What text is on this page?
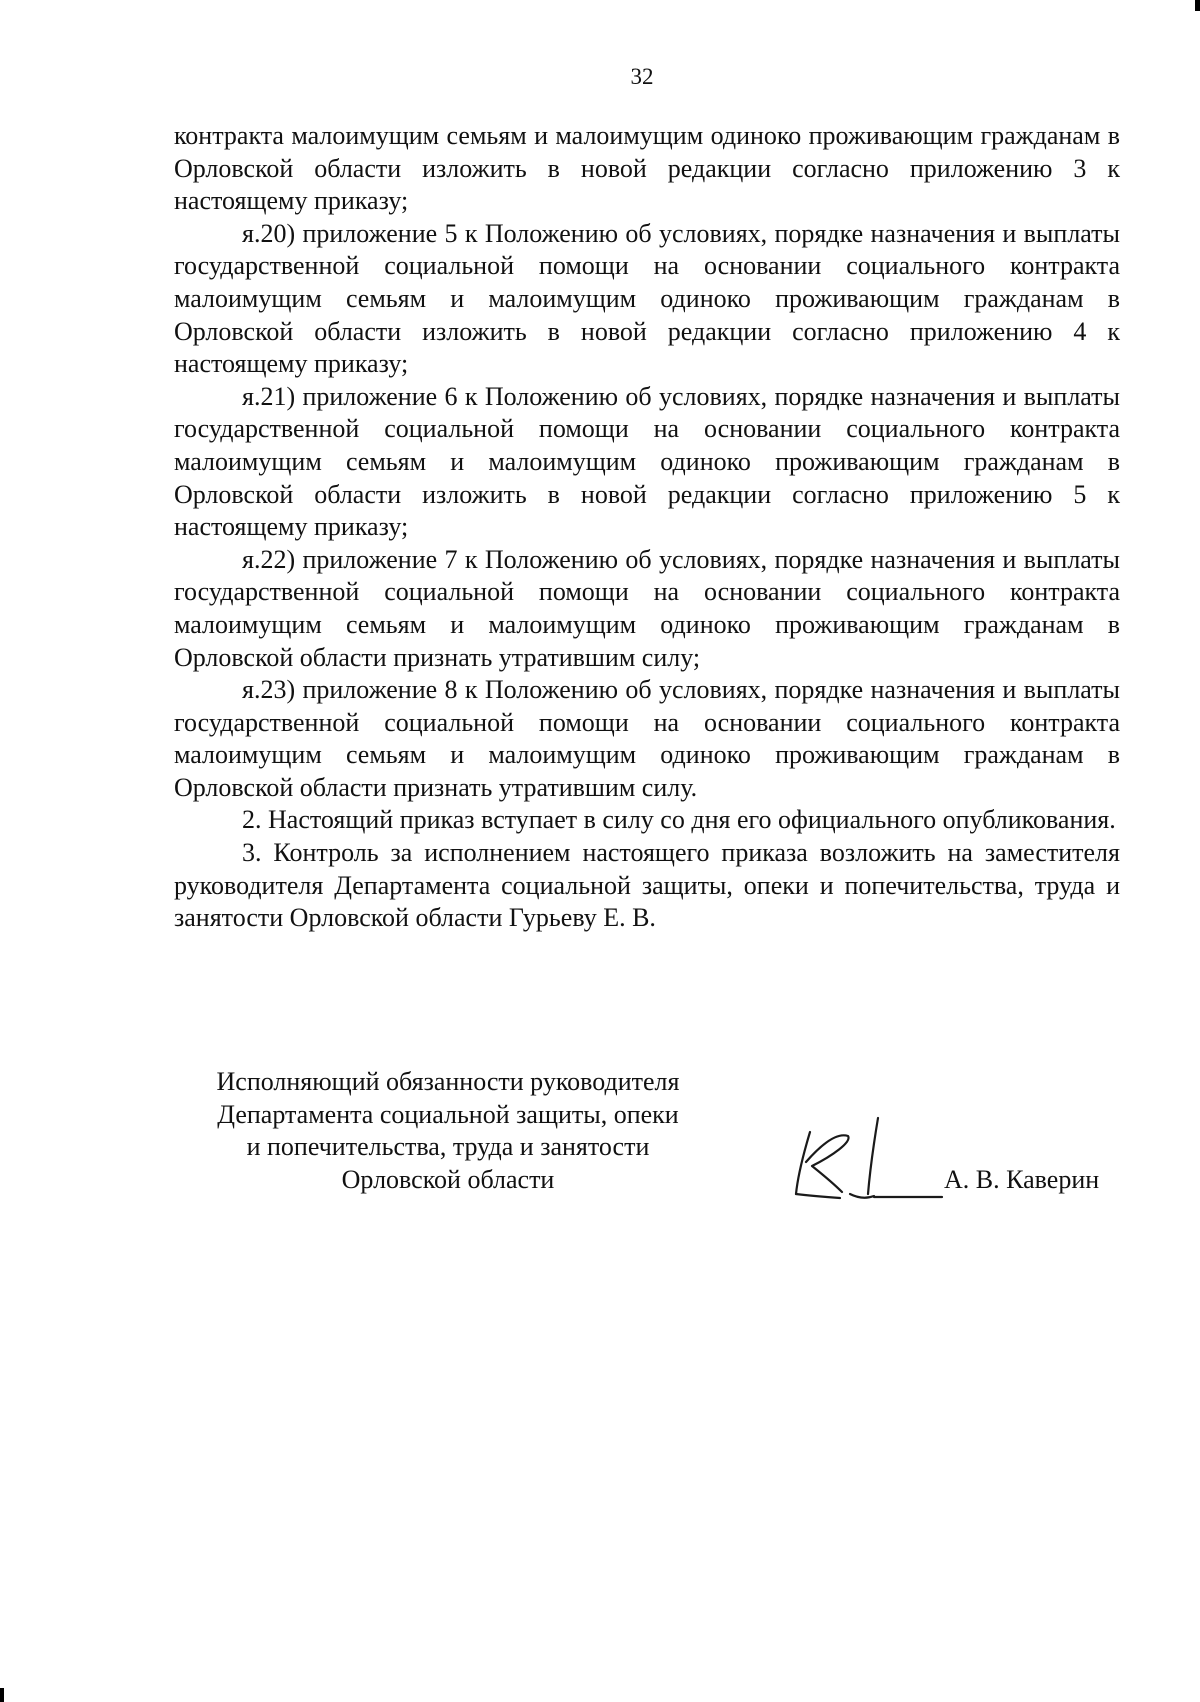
32

контракта малоимущим семьям и малоимущим одиноко проживающим гражданам в Орловской области изложить в новой редакции согласно приложению 3 к настоящему приказу;

я.20) приложение 5 к Положению об условиях, порядке назначения и выплаты государственной социальной помощи на основании социального контракта малоимущим семьям и малоимущим одиноко проживающим гражданам в Орловской области изложить в новой редакции согласно приложению 4 к настоящему приказу;

я.21) приложение 6 к Положению об условиях, порядке назначения и выплаты государственной социальной помощи на основании социального контракта малоимущим семьям и малоимущим одиноко проживающим гражданам в Орловской области изложить в новой редакции согласно приложению 5 к настоящему приказу;

я.22) приложение 7 к Положению об условиях, порядке назначения и выплаты государственной социальной помощи на основании социального контракта малоимущим семьям и малоимущим одиноко проживающим гражданам в Орловской области признать утратившим силу;

я.23) приложение 8 к Положению об условиях, порядке назначения и выплаты государственной социальной помощи на основании социального контракта малоимущим семьям и малоимущим одиноко проживающим гражданам в Орловской области признать утратившим силу.

2. Настоящий приказ вступает в силу со дня его официального опубликования.

3. Контроль за исполнением настоящего приказа возложить на заместителя руководителя Департамента социальной защиты, опеки и попечительства, труда и занятости Орловской области Гурьеву Е. В.

Исполняющий обязанности руководителя
Департамента социальной защиты, опеки
и попечительства, труда и занятости
Орловской области	А. В. Каверин
